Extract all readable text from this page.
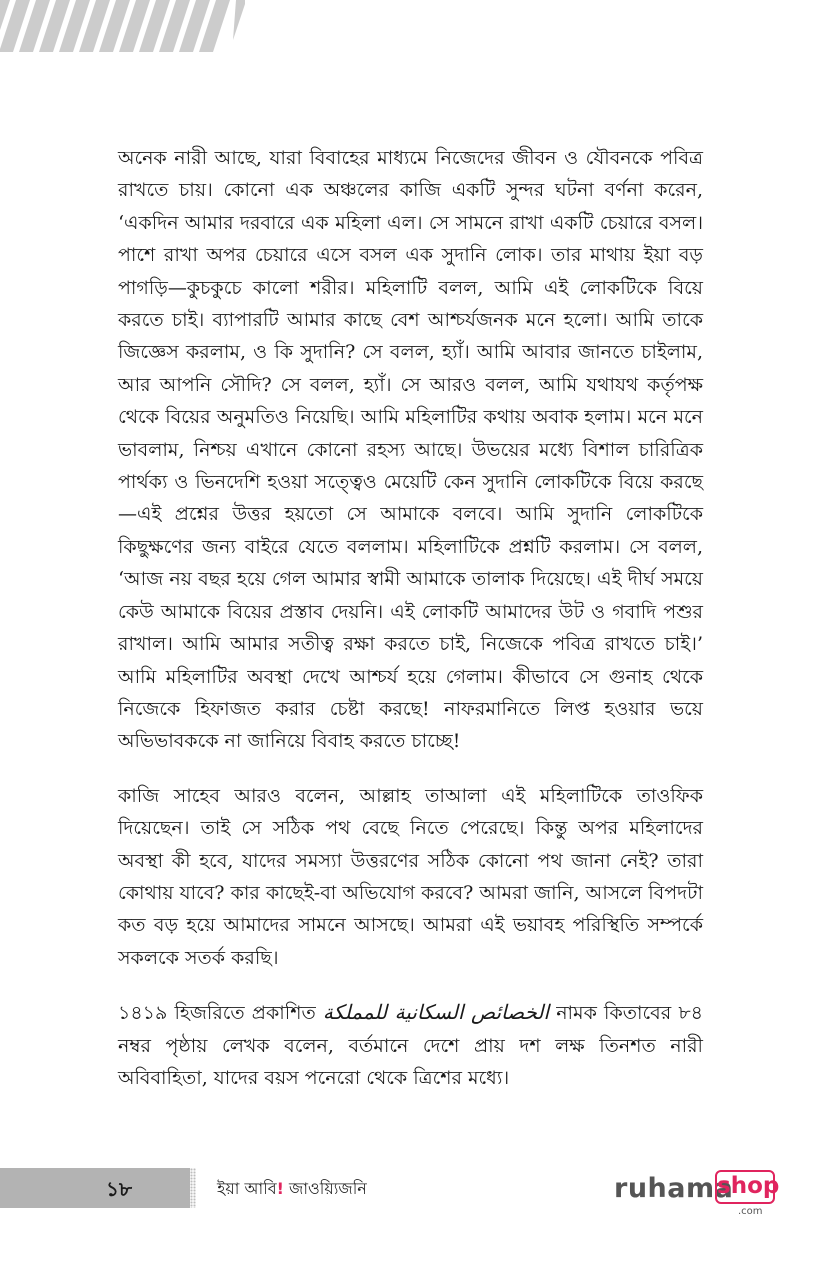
অনেক নারী আছে, যারা বিবাহের মাধ্যমে নিজেদের জীবন ও যৌবনকে পবিত্র রাখতে চায়। কোনো এক অঞ্চলের কাজি একটি সুন্দর ঘটনা বর্ণনা করেন, ‘একদিন আমার দরবারে এক মহিলা এল। সে সামনে রাখা একটি চেয়ারে বসল। পাশে রাখা অপর চেয়ারে এসে বসল এক সুদানি লোক। তার মাথায় ইয়া বড় পাগড়ি—কুচকুচে কালো শরীর। মহিলাটি বলল, আমি এই লোকটিকে বিয়ে করতে চাই। ব্যাপারটি আমার কাছে বেশ আশ্চর্যজনক মনে হলো। আমি তাকে জিজ্ঞেস করলাম, ও কি সুদানি? সে বলল, হ্যাঁ। আমি আবার জানতে চাইলাম, আর আপনি সৌদি? সে বলল, হ্যাঁ। সে আরও বলল, আমি যথাযথ কর্তৃপক্ষ থেকে বিয়ের অনুমতিও নিয়েছি। আমি মহিলাটির কথায় অবাক হলাম। মনে মনে ভাবলাম, নিশ্চয় এখানে কোনো রহস্য আছে। উভয়ের মধ্যে বিশাল চারিত্রিক পার্থক্য ও ভিনদেশি হওয়া সত্ত্বেও মেয়েটি কেন সুদানি লোকটিকে বিয়ে করছে—এই প্রশ্নের উত্তর হয়তো সে আমাকে বলবে। আমি সুদানি লোকটিকে কিছুক্ষণের জন্য বাইরে যেতে বললাম। মহিলাটিকে প্রশ্নটি করলাম। সে বলল, ‘আজ নয় বছর হয়ে গেল আমার স্বামী আমাকে তালাক দিয়েছে। এই দীর্ঘ সময়ে কেউ আমাকে বিয়ের প্রস্তাব দেয়নি। এই লোকটি আমাদের উট ও গবাদি পশুর রাখাল। আমি আমার সতীত্ব রক্ষা করতে চাই, নিজেকে পবিত্র রাখতে চাই।’ আমি মহিলাটির অবস্থা দেখে আশ্চর্য হয়ে গেলাম। কীভাবে সে গুনাহ থেকে নিজেকে হিফাজত করার চেষ্টা করছে! নাফরমানিতে লিপ্ত হওয়ার ভয়ে অভিভাবককে না জানিয়ে বিবাহ করতে চাচ্ছে!

কাজি সাহেব আরও বলেন, আল্লাহ তাআলা এই মহিলাটিকে তাওফিক দিয়েছেন। তাই সে সঠিক পথ বেছে নিতে পেরেছে। কিন্তু অপর মহিলাদের অবস্থা কী হবে, যাদের সমস্যা উত্তরণের সঠিক কোনো পথ জানা নেই? তারা কোথায় যাবে? কার কাছেই-বা অভিযোগ করবে? আমরা জানি, আসলে বিপদটা কত বড় হয়ে আমাদের সামনে আসছে। আমরা এই ভয়াবহ পরিস্থিতি সম্পর্কে সকলকে সতর্ক করছি।

১৪১৯ হিজরিতে প্রকাশিত الخصائص السكانية للمملكة নামক কিতাবের ৮৪ নম্বর পৃষ্ঠায় লেখক বলেন, বর্তমানে দেশে প্রায় দশ লক্ষ তিনশত নারী অবিবাহিতা, যাদের বয়স পনেরো থেকে ত্রিশের মধ্যে।

১৮	ইয়া আবি! জাওয়্যিজনি	ruhama
shop
.com
